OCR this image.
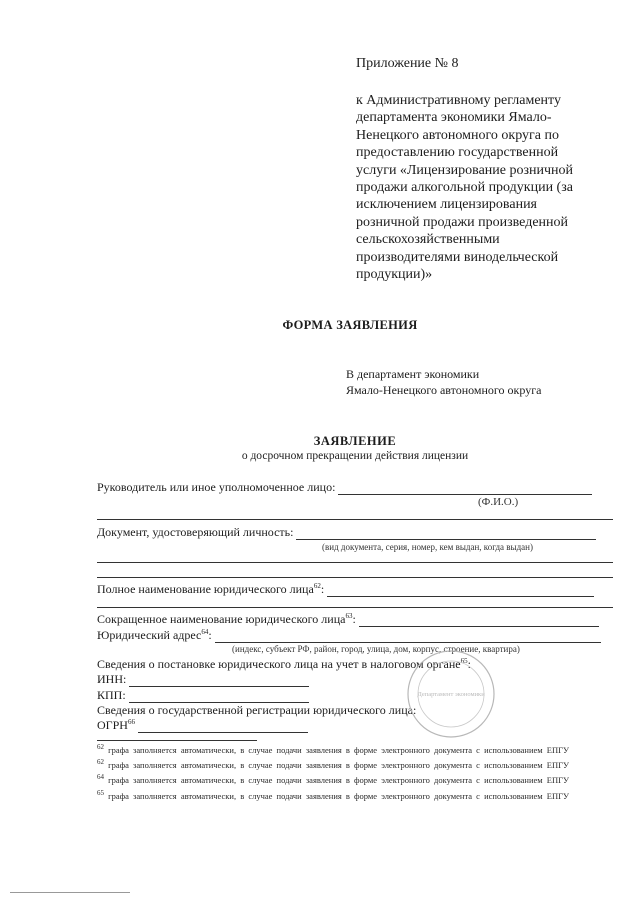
Приложение № 8
к Административному регламенту департамента экономики Ямало-Ненецкого автономного округа по предоставлению государственной услуги «Лицензирование розничной продажи алкогольной продукции (за исключением лицензирования розничной продажи произведенной сельскохозяйственными производителями винодельческой продукции)»
ФОРМА ЗАЯВЛЕНИЯ
В департамент экономики
Ямало-Ненецкого автономного округа
ЗАЯВЛЕНИЕ
о досрочном прекращении действия лицензии
Руководитель или иное уполномоченное лицо:
(Ф.И.О.)
Документ, удостоверяющий личность:
(вид документа, серия, номер, кем выдан, когда выдан)
Полное наименование юридического лица$^{62}$:
Сокращенное наименование юридического лица$^{63}$:
Юридический адрес$^{64}$:
(индекс, субъект РФ, район, город, улица, дом, корпус, строение, квартира)
Сведения о постановке юридического лица на учет в налоговом органе$^{65}$:
ИНН:
КПП:
Сведения о государственной регистрации юридического лица:
ОГРН$^{66}$
Департамент экономики
$^{62}$ графа заполняется автоматически, в случае подачи заявления в форме электронного документа с использованием ЕПГУ
$^{62}$ графа заполняется автоматически, в случае подачи заявления в форме электронного документа с использованием ЕПГУ
$^{64}$ графа заполняется автоматически, в случае подачи заявления в форме электронного документа с использованием ЕПГУ
$^{65}$ графа заполняется автоматически, в случае подачи заявления в форме электронного документа с использованием ЕПГУ
